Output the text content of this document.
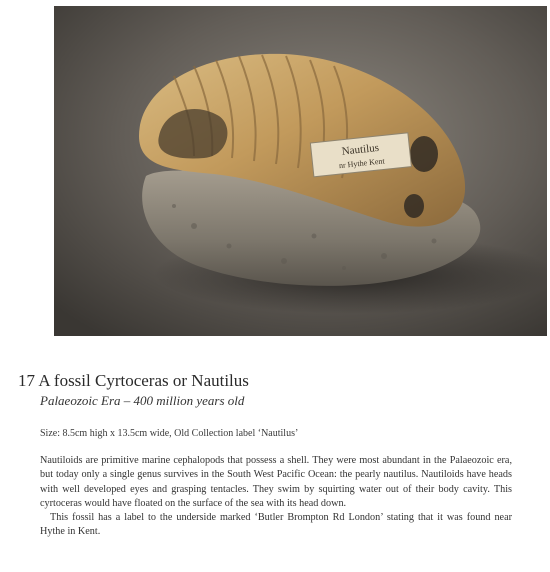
Nautilus
nr Hythe Kent
17 A fossil Cyrtoceras or Nautilus
Palaeozoic Era – 400 million years old
Size: 8.5cm high x 13.5cm wide, Old Collection label ‘Nautilus’

Nautiloids are primitive marine cephalopods that possess a shell. They were most abundant in the Palaeozoic era, but today only a single genus survives in the South West Pacific Ocean: the pearly nautilus. Nautiloids have heads with well developed eyes and grasping tentacles. They swim by squirting water out of their body cavity. This cyrtoceras would have floated on the surface of the sea with its head down.

This fossil has a label to the underside marked ‘Butler Brompton Rd London’ stating that it was found near Hythe in Kent.
